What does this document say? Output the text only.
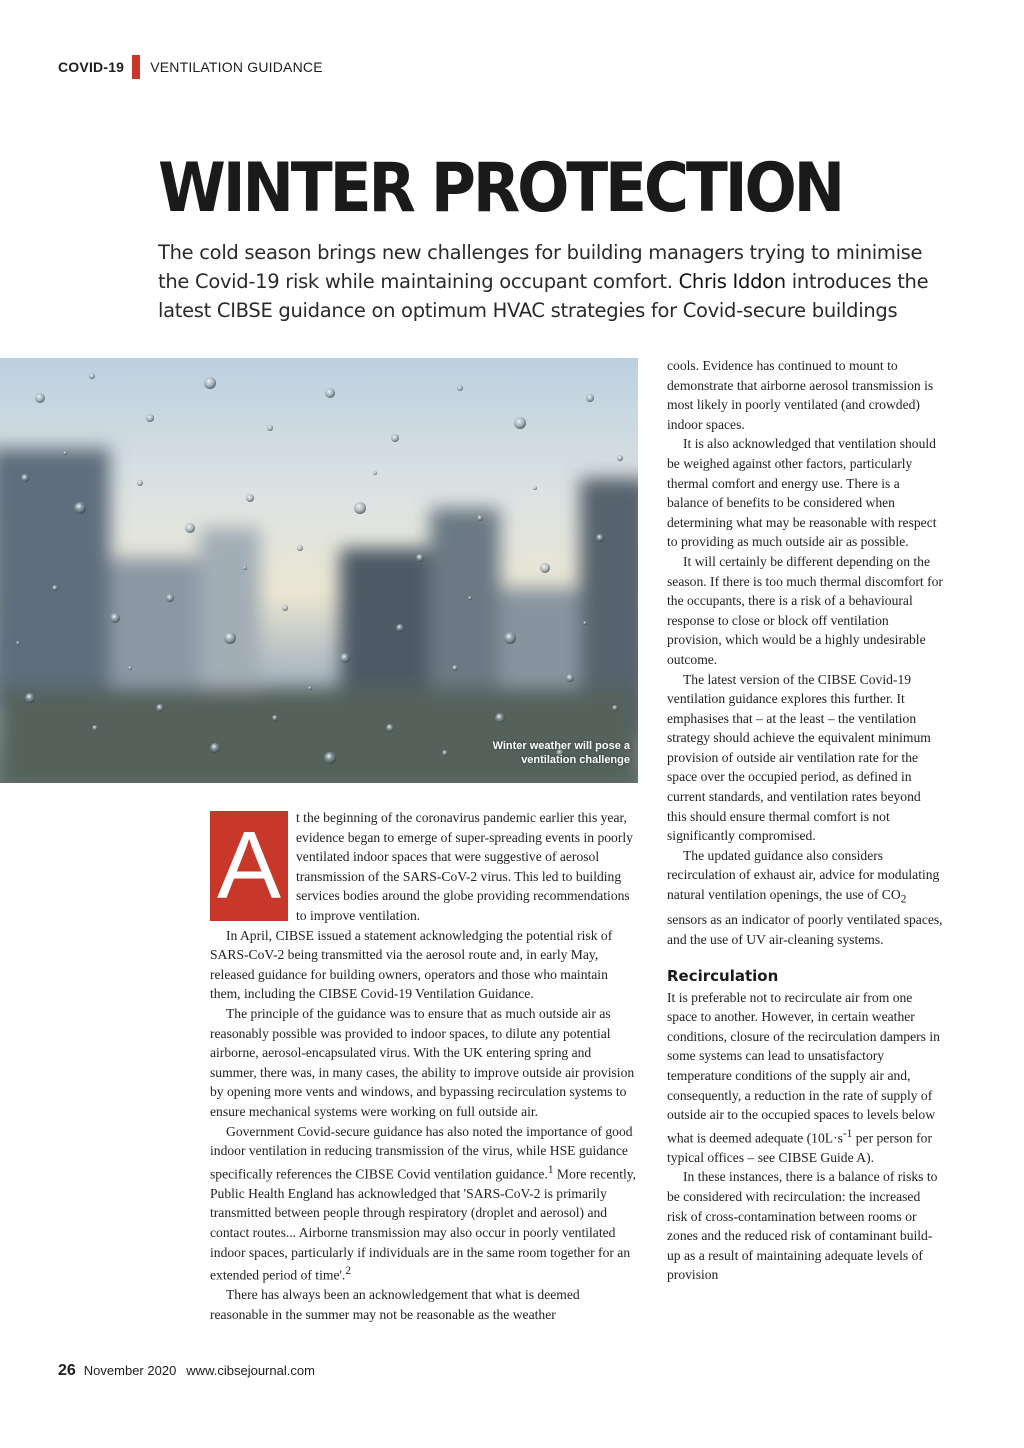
COVID-19 VENTILATION GUIDANCE
WINTER PROTECTION

The cold season brings new challenges for building managers trying to minimise the Covid-19 risk while maintaining occupant comfort. Chris Iddon introduces the latest CIBSE guidance on optimum HVAC strategies for Covid-secure buildings

Winter weather will pose a
ventilation challenge
A	t the beginning of the coronavirus pandemic earlier this year, evidence began to emerge of super-spreading events in poorly ventilated indoor spaces that were suggestive of aerosol transmission of the SARS-CoV-2 virus. This led to building services bodies around the globe providing recommendations to improve ventilation.

In April, CIBSE issued a statement acknowledging the potential risk of SARS-CoV-2 being transmitted via the aerosol route and, in early May, released guidance for building owners, operators and those who maintain them, including the CIBSE Covid-19 Ventilation Guidance.

The principle of the guidance was to ensure that as much outside air as reasonably possible was provided to indoor spaces, to dilute any potential airborne, aerosol-encapsulated virus. With the UK entering spring and summer, there was, in many cases, the ability to improve outside air provision by opening more vents and windows, and bypassing recirculation systems to ensure mechanical systems were working on full outside air.

Government Covid-secure guidance has also noted the importance of good indoor ventilation in reducing transmission of the virus, while HSE guidance specifically references the CIBSE Covid ventilation guidance.$^1$ More recently, Public Health England has acknowledged that 'SARS-CoV-2 is primarily transmitted between people through respiratory (droplet and aerosol) and contact routes... Airborne transmission may also occur in poorly ventilated indoor spaces, particularly if individuals are in the same room together for an extended period of time'.$^2$

There has always been an acknowledgement that what is deemed reasonable in the summer may not be reasonable as the weather

cools. Evidence has continued to mount to demonstrate that airborne aerosol transmission is most likely in poorly ventilated (and crowded) indoor spaces.

It is also acknowledged that ventilation should be weighed against other factors, particularly thermal comfort and energy use. There is a balance of benefits to be considered when determining what may be reasonable with respect to providing as much outside air as possible.

It will certainly be different depending on the season. If there is too much thermal discomfort for the occupants, there is a risk of a behavioural response to close or block off ventilation provision, which would be a highly undesirable outcome.

The latest version of the CIBSE Covid-19 ventilation guidance explores this further. It emphasises that – at the least – the ventilation strategy should achieve the equivalent minimum provision of outside air ventilation rate for the space over the occupied period, as defined in current standards, and ventilation rates beyond this should ensure thermal comfort is not significantly compromised.

The updated guidance also considers recirculation of exhaust air, advice for modulating natural ventilation openings, the use of $CO_2$ sensors as an indicator of poorly ventilated spaces, and the use of UV air-cleaning systems.

Recirculation

It is preferable not to recirculate air from one space to another. However, in certain weather conditions, closure of the recirculation dampers in some systems can lead to unsatisfactory temperature conditions of the supply air and, consequently, a reduction in the rate of supply of outside air to the occupied spaces to levels below what is deemed adequate ($10L\cdot s^{-1}$ per person for typical offices – see CIBSE Guide A).

In these instances, there is a balance of risks to be considered with recirculation: the increased risk of cross-contamination between rooms or zones and the reduced risk of contaminant build-up as a result of maintaining adequate levels of provision

26 November 2020 www.cibsejournal.com
